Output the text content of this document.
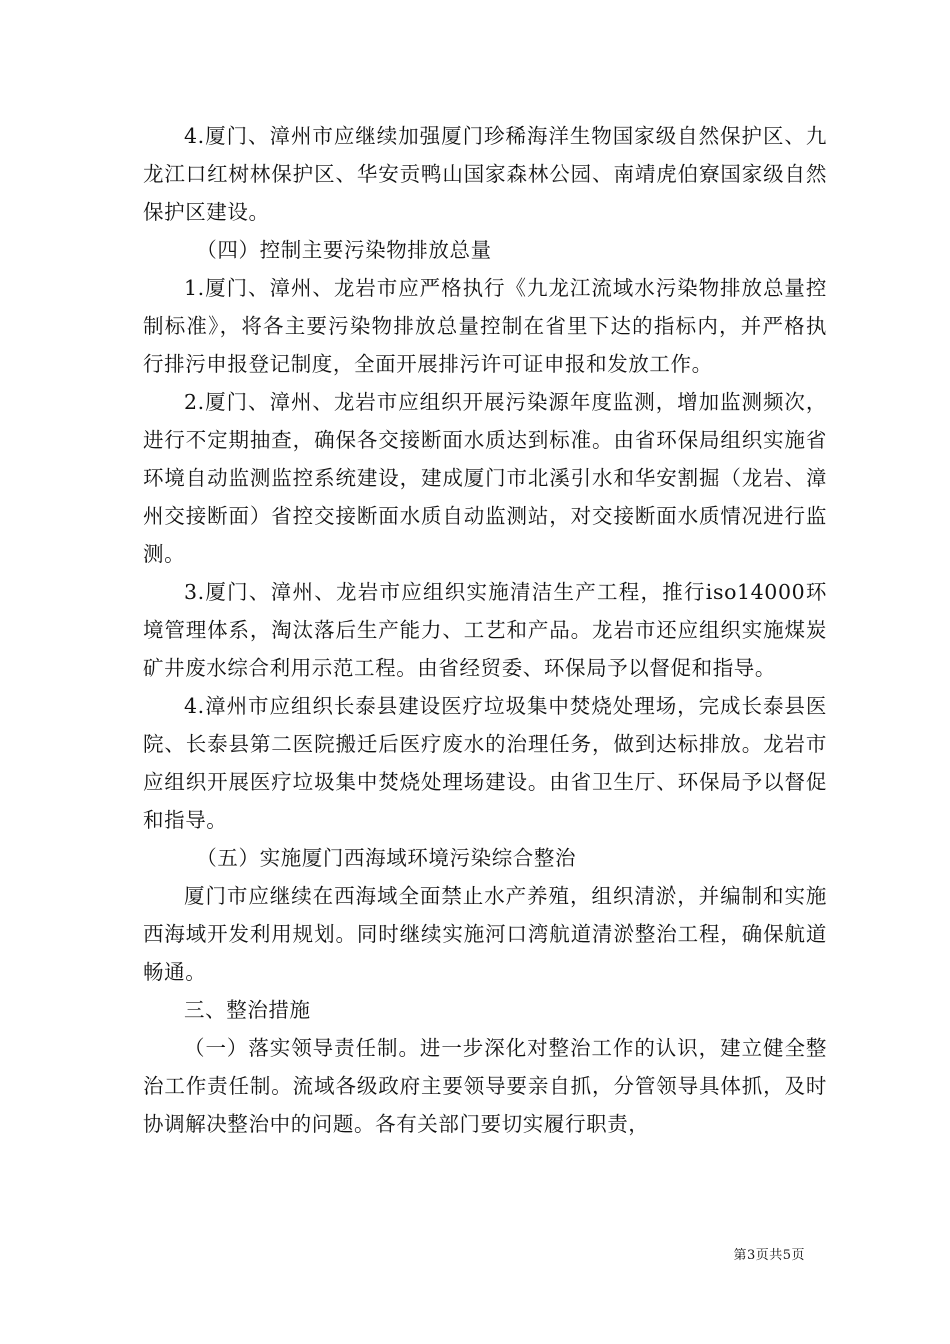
4.厦门、漳州市应继续加强厦门珍稀海洋生物国家级自然保护区、九龙江口红树林保护区、华安贡鸭山国家森林公园、南靖虎伯寮国家级自然保护区建设。

（四）控制主要污染物排放总量

1.厦门、漳州、龙岩市应严格执行《九龙江流域水污染物排放总量控制标准》，将各主要污染物排放总量控制在省里下达的指标内，并严格执行排污申报登记制度，全面开展排污许可证申报和发放工作。

2.厦门、漳州、龙岩市应组织开展污染源年度监测，增加监测频次，进行不定期抽查，确保各交接断面水质达到标准。由省环保局组织实施省环境自动监测监控系统建设，建成厦门市北溪引水和华安割掘（龙岩、漳州交接断面）省控交接断面水质自动监测站，对交接断面水质情况进行监测。

3.厦门、漳州、龙岩市应组织实施清洁生产工程，推行iso14000环境管理体系，淘汰落后生产能力、工艺和产品。龙岩市还应组织实施煤炭矿井废水综合利用示范工程。由省经贸委、环保局予以督促和指导。

4.漳州市应组织长泰县建设医疗垃圾集中焚烧处理场，完成长泰县医院、长泰县第二医院搬迁后医疗废水的治理任务，做到达标排放。龙岩市应组织开展医疗垃圾集中焚烧处理场建设。由省卫生厅、环保局予以督促和指导。

（五）实施厦门西海域环境污染综合整治

厦门市应继续在西海域全面禁止水产养殖，组织清淤，并编制和实施西海域开发利用规划。同时继续实施河口湾航道清淤整治工程，确保航道畅通。

三、整治措施

（一）落实领导责任制。进一步深化对整治工作的认识，建立健全整治工作责任制。流域各级政府主要领导要亲自抓，分管领导具体抓，及时协调解决整治中的问题。各有关部门要切实履行职责，

第3页共5页
